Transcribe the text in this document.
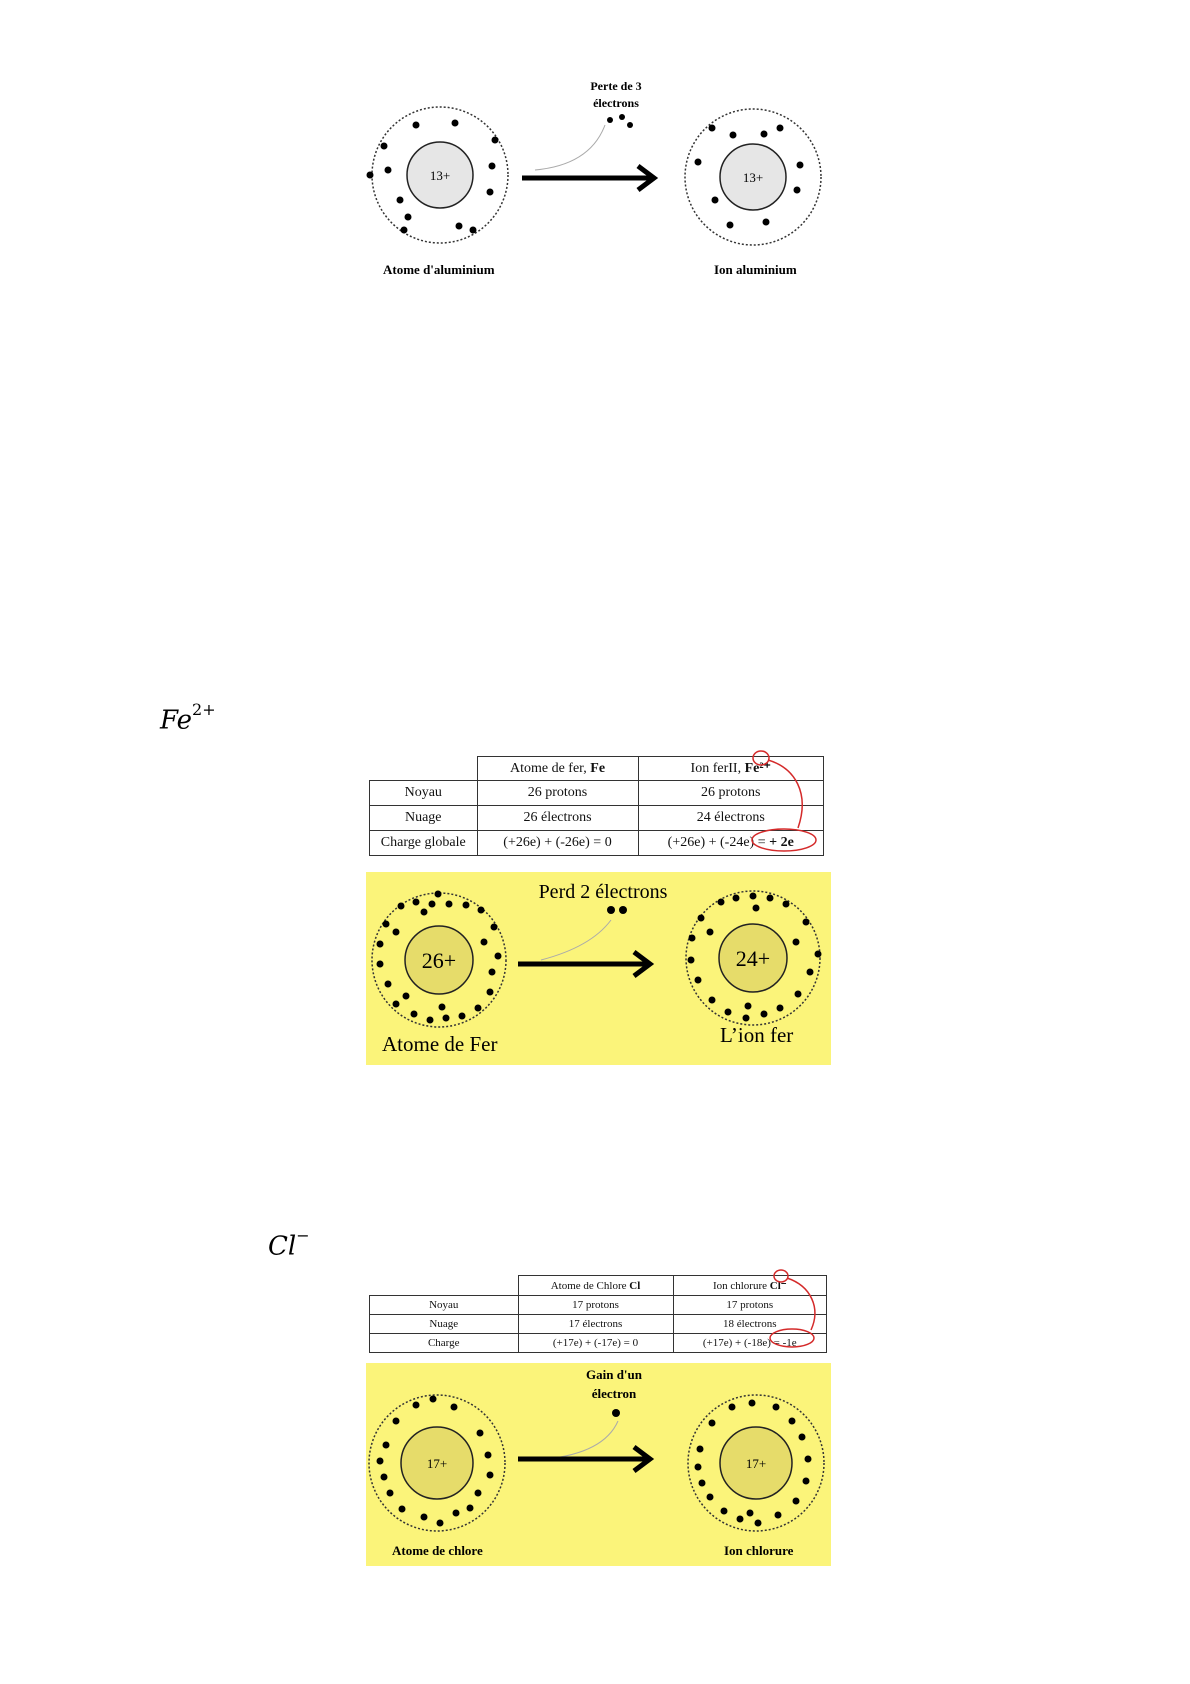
13+
Perte de 3
électrons
13+
Atome d'aluminium	Ion aluminium
$Fe^{2+}$
	Atome de fer, Fe	Ion ferII, Fe²⁺
Noyau	26 protons	26 protons
Nuage	26 électrons	24 électrons
Charge globale	(+26e) + (-26e) = 0	(+26e) + (-24e) = + 2e
Perd 2 électrons
26+	24+
Atome de Fer	L’ion fer
Cl−
	Atome de Chlore Cl	Ion chlorure Cl⁻
Noyau	17 protons	17 protons
Nuage	17 électrons	18 électrons
Charge	(+17e) + (-17e) = 0	(+17e) + (-18e) = -1e
Gain d'un
électron
17+	17+
Atome de chlore	Ion chlorure
